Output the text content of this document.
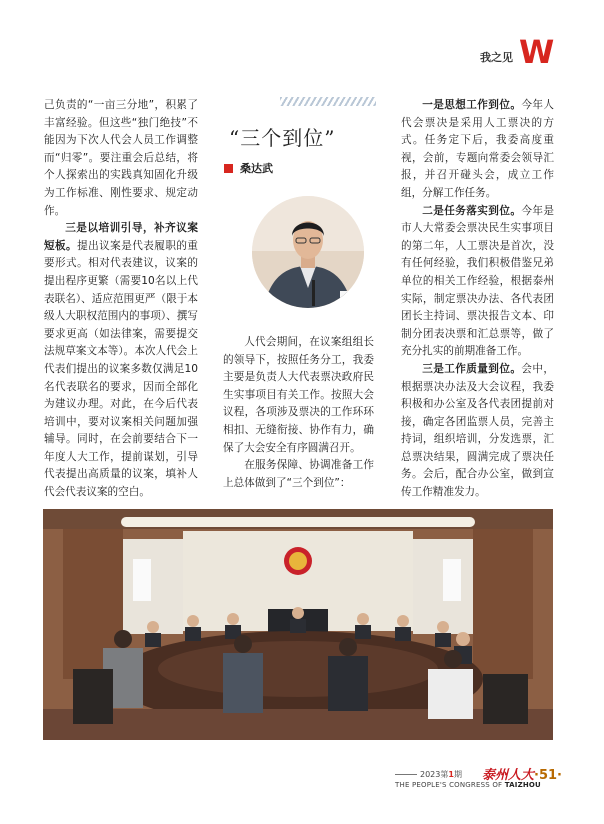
我之见 W

己负责的“一亩三分地”，积累了丰富经验。但这些“独门绝技”不能因为下次人代会人员工作调整而“归零”。要注重会后总结，将个人探索出的实践真知固化升级为工作标准、刚性要求、规定动作。

三是以培训引导，补齐议案短板。提出议案是代表履职的重要形式。相对代表建议，议案的提出程序更繁（需要10名以上代表联名）、适应范围更严（限于本级人大职权范围内的事项）、撰写要求更高（如法律案，需要提交法规草案文本等）。本次人代会上代表们提出的议案多数仅满足10名代表联名的要求，因而全部化为建议办理。对此，在今后代表培训中，要对议案相关问题加强辅导。同时，在会前要结合下一年度人大工作，提前谋划，引导代表提出高质量的议案，填补人代会代表议案的空白。

“三个到位”
桑达武

人代会期间，在议案组组长的领导下，按照任务分工，我委主要是负责人大代表票决政府民生实事项目有关工作。按照大会议程，各项涉及票决的工作环环相扣、无缝衔接、协作有力，确保了大会安全有序圆满召开。

在服务保障、协调准备工作上总体做到了“三个到位”：

一是思想工作到位。今年人代会票决是采用人工票决的方式。任务定下后，我委高度重视，会前，专题向常委会领导汇报，并召开碰头会，成立工作组，分解工作任务。

二是任务落实到位。今年是市人大常委会票决民生实事项目的第二年，人工票决是首次，没有任何经验，我们积极借鉴兄弟单位的相关工作经验，根据泰州实际，制定票决办法、各代表团团长主持词、票决报告文本、印制分团表决票和汇总票等，做了充分扎实的前期准备工作。

三是工作质量到位。会中，根据票决办法及大会议程，我委积极和办公室及各代表团提前对接，确定各团监票人员，完善主持词，组织培训，分发选票，汇总票决结果，圆满完成了票决任务。会后，配合办公室，做到宣传工作精准发力。

2023第1期 泰州人大
THE PEOPLE'S CONGRESS OF TAIZHOU
·51·
